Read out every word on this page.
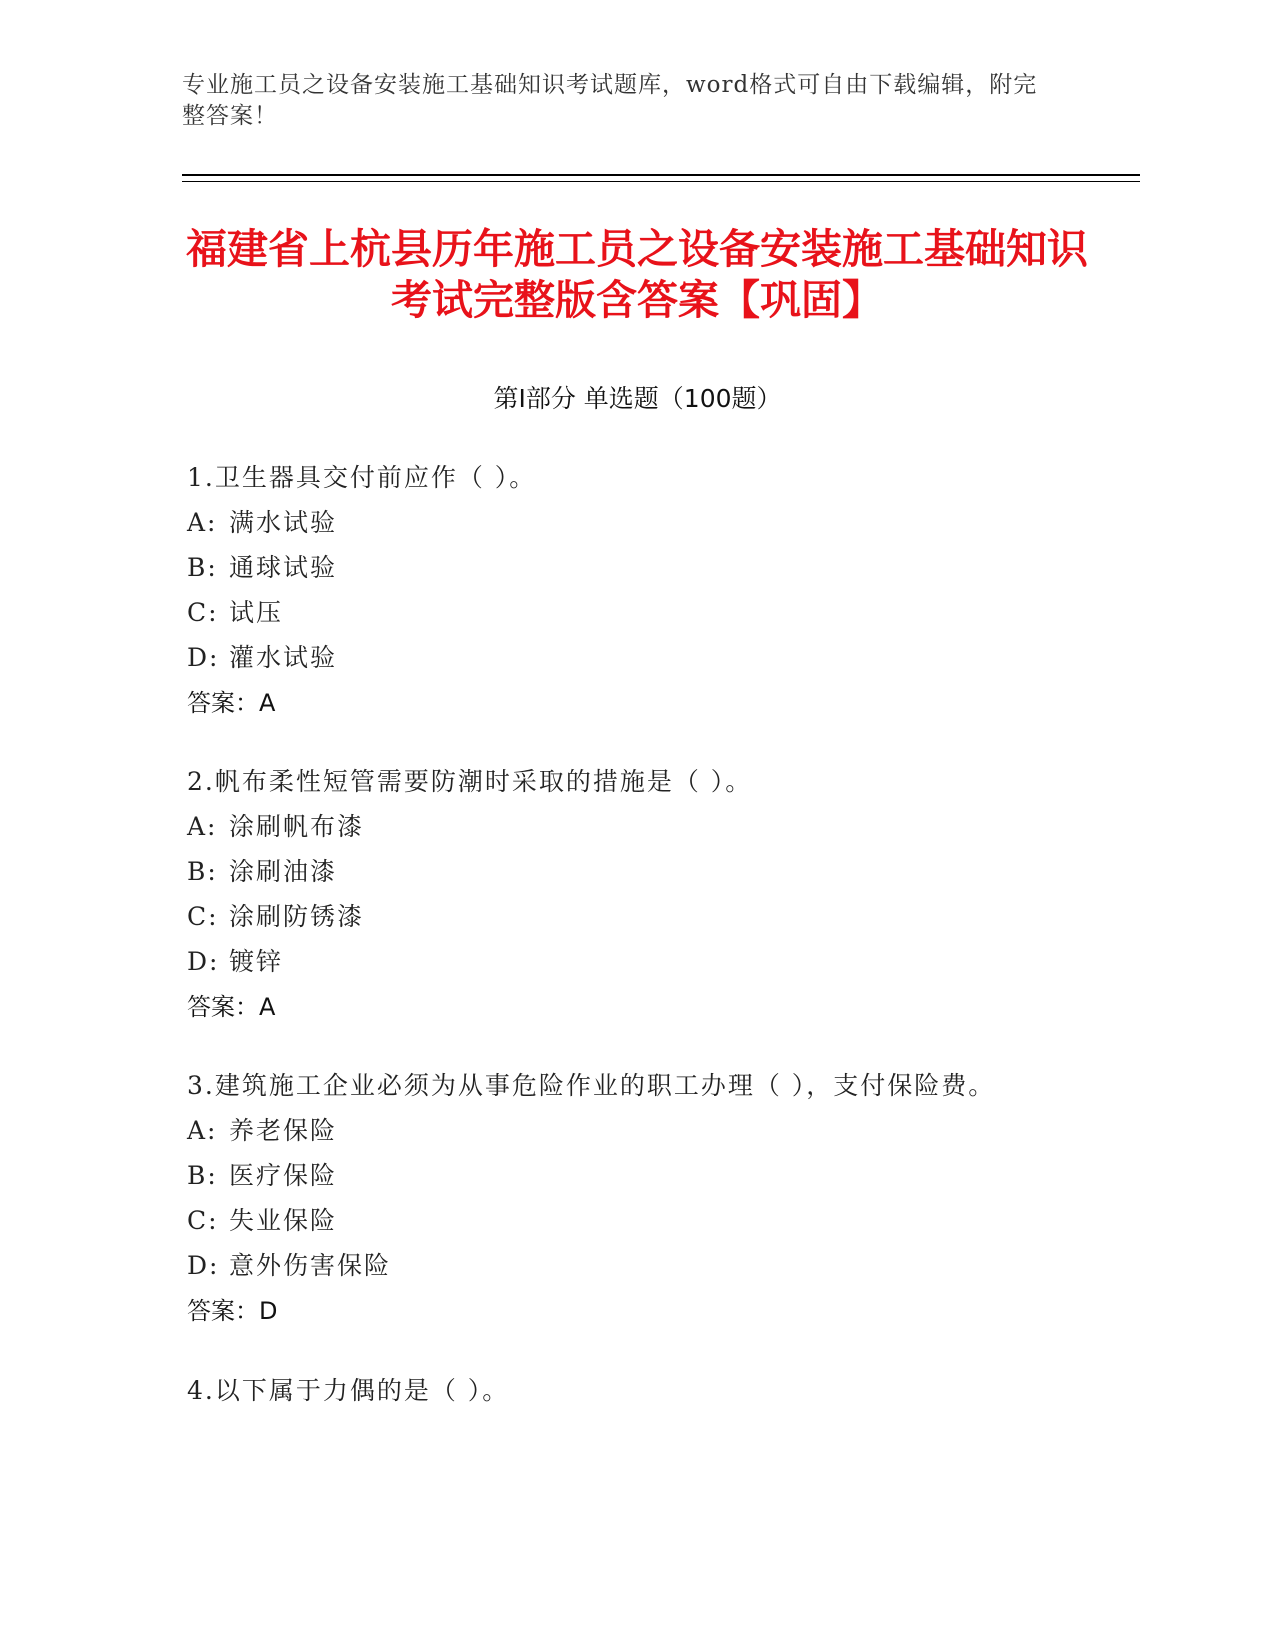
专业施工员之设备安装施工基础知识考试题库，word格式可自由下载编辑，附完整答案！
福建省上杭县历年施工员之设备安装施工基础知识考试完整版含答案【巩固】
第Ⅰ部分 单选题（100题）
1.卫生器具交付前应作（ ）。
A: 满水试验
B: 通球试验
C: 试压
D: 灌水试验
答案：A
2.帆布柔性短管需要防潮时采取的措施是（ ）。
A: 涂刷帆布漆
B: 涂刷油漆
C: 涂刷防锈漆
D: 镀锌
答案：A
3.建筑施工企业必须为从事危险作业的职工办理（ ），支付保险费。
A: 养老保险
B: 医疗保险
C: 失业保险
D: 意外伤害保险
答案：D
4.以下属于力偶的是（ ）。
